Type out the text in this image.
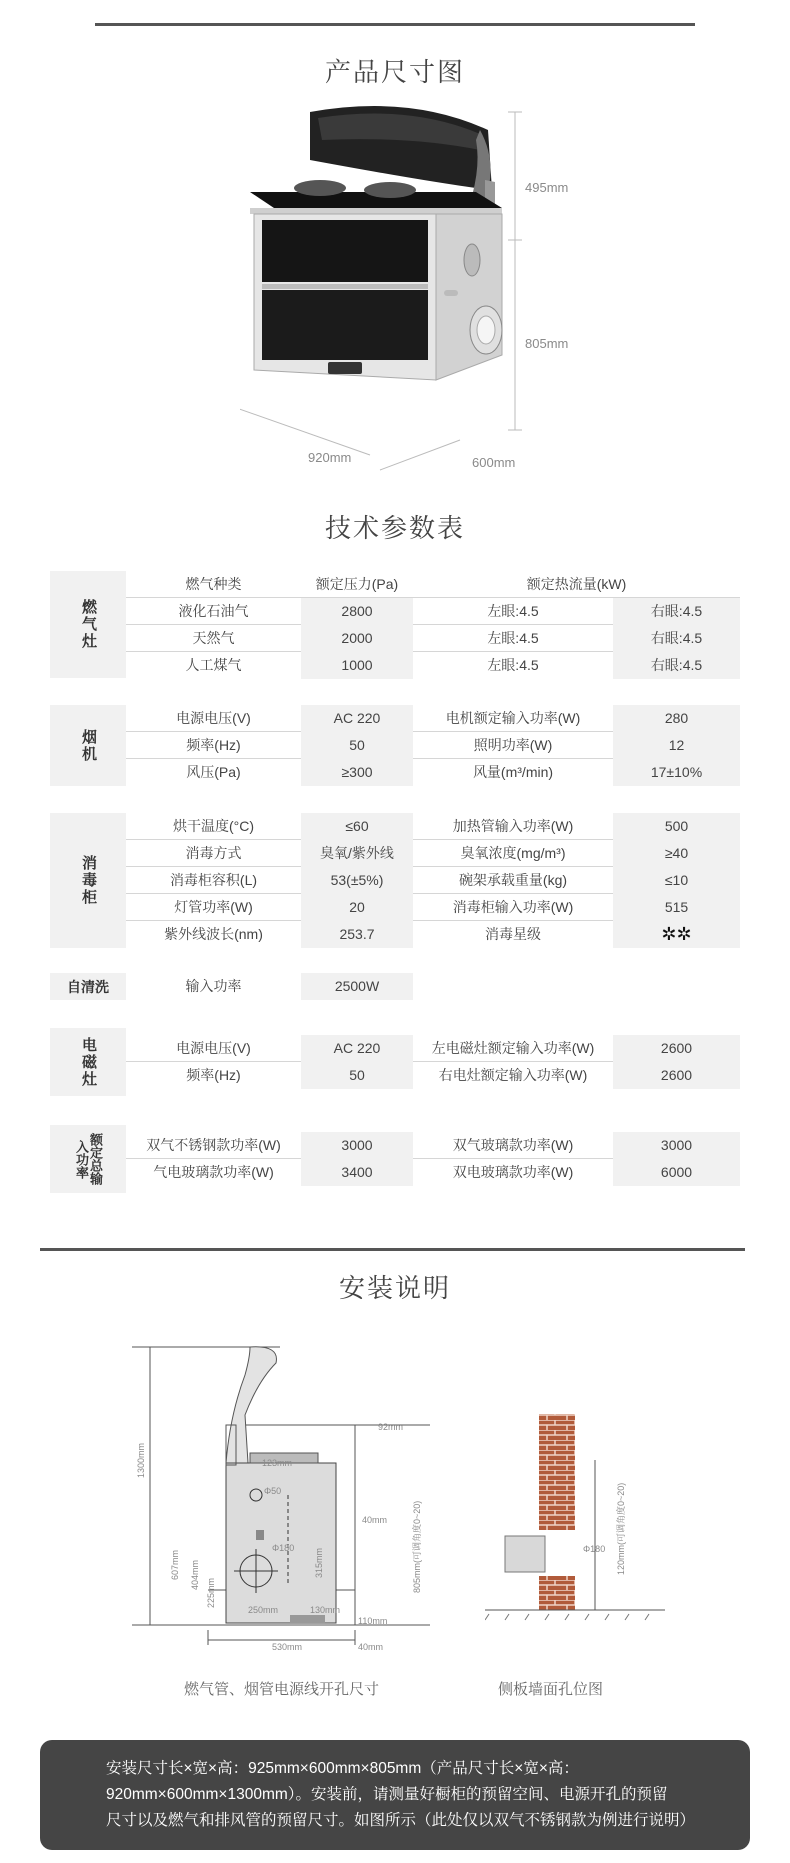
产品尺寸图
495mm
805mm
920mm	600mm
技术参数表
燃气灶
燃气种类	额定压力(Pa)	额定热流量(kW)
液化石油气	2800	左眼:4.5	右眼:4.5
天然气	2000	左眼:4.5	右眼:4.5
人工煤气	1000	左眼:4.5	右眼:4.5
烟机
电源电压(V)	AC 220	电机额定输入功率(W)	280
频率(Hz)	50	照明功率(W)	12
风压(Pa)	≥300	风量(m³/min)	17±10%
消毒柜
烘干温度(°C)	≤60	加热管输入功率(W)	500
消毒方式	臭氧/紫外线	臭氧浓度(mg/m³)	≥40
消毒柜容积(L)	53(±5%)	碗架承载重量(kg)	≤10
灯管功率(W)	20	消毒柜输入功率(W)	515
紫外线波长(nm)	253.7	消毒星级	✲✲
自清洗	输入功率	2500W
电磁灶	电源电压(V)	AC 220	左电磁灶额定输入功率(W)	2600
频率(Hz)	50	右电灶额定输入功率(W)	2600
额定总输入功率	双气不锈钢款功率(W)	3000	双气玻璃款功率(W)	3000
气电玻璃款功率(W)	3400	双电玻璃款功率(W)	6000
安装说明
1300mm
92mm
123mm
Φ50
40mm	805mm(可调角度0~20)
Φ180
607mm 404mm
225mm
315mm
250mm	130mm
110mm
530mm	40mm
Φ180 120mm(可调角度0~20)
燃气管、烟管电源线开孔尺寸	侧板墙面孔位图
安装尺寸长×宽×高：925mm×600mm×805mm（产品尺寸长×宽×高：
920mm×600mm×1300mm）。安装前，请测量好橱柜的预留空间、电源开孔的预留
尺寸以及燃气和排风管的预留尺寸。如图所示（此处仅以双气不锈钢款为例进行说明）
